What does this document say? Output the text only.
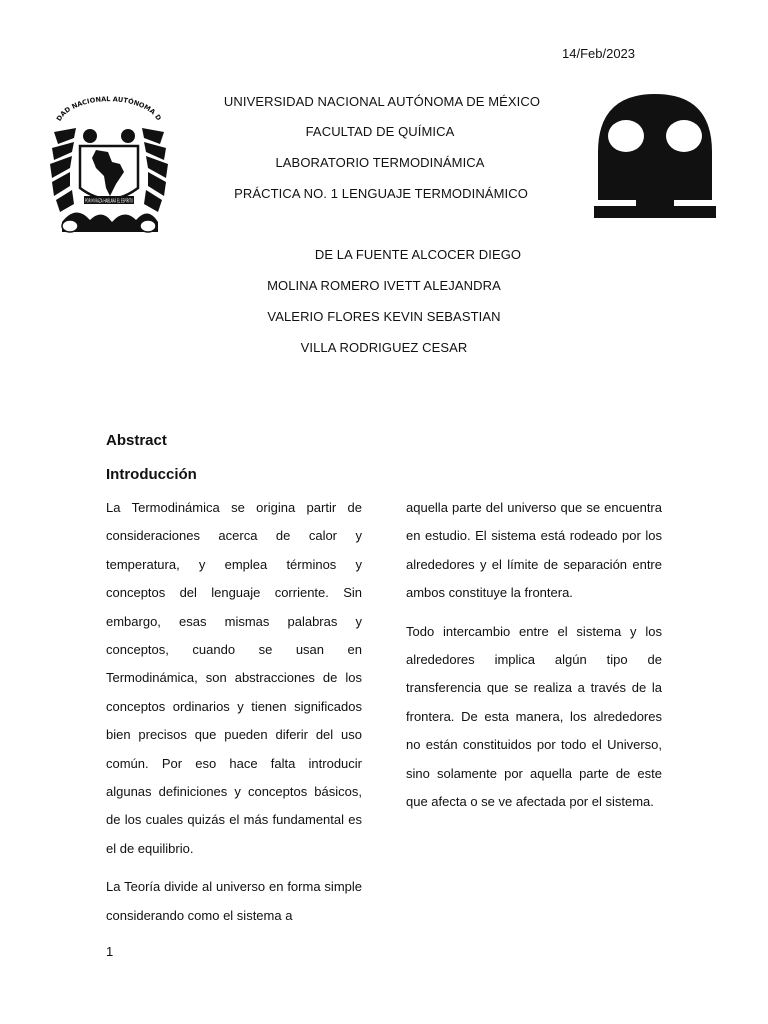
14/Feb/2023
DAD NACIONAL AUTÓNOMA D
POR MI RAZA HABLARÁ EL ESPÍRITU
UNIVERSIDAD NACIONAL AUTÓNOMA DE MÉXICO
FACULTAD DE QUÍMICA
LABORATORIO TERMODINÁMICA
PRÁCTICA NO. 1 LENGUAJE TERMODINÁMICO
DE LA FUENTE ALCOCER DIEGO
MOLINA ROMERO IVETT ALEJANDRA
VALERIO FLORES KEVIN SEBASTIAN
VILLA RODRIGUEZ CESAR
Abstract
Introducción

La Termodinámica se origina partir de consideraciones acerca de calor y temperatura, y emplea términos y conceptos del lenguaje corriente. Sin embargo, esas mismas palabras y conceptos, cuando se usan en Termodinámica, son abstracciones de los conceptos ordinarios y tienen significados bien precisos que pueden diferir del uso común. Por eso hace falta introducir algunas definiciones y conceptos básicos, de los cuales quizás el más fundamental es el de equilibrio.

La Teoría divide al universo en forma simple considerando como el sistema a

aquella parte del universo que se encuentra en estudio. El sistema está rodeado por los alrededores y el límite de separación entre ambos constituye la frontera.

Todo intercambio entre el sistema y los alrededores implica algún tipo de transferencia que se realiza a través de la frontera. De esta manera, los alrededores no están constituidos por todo el Universo, sino solamente por aquella parte de este que afecta o se ve afectada por el sistema.

1
